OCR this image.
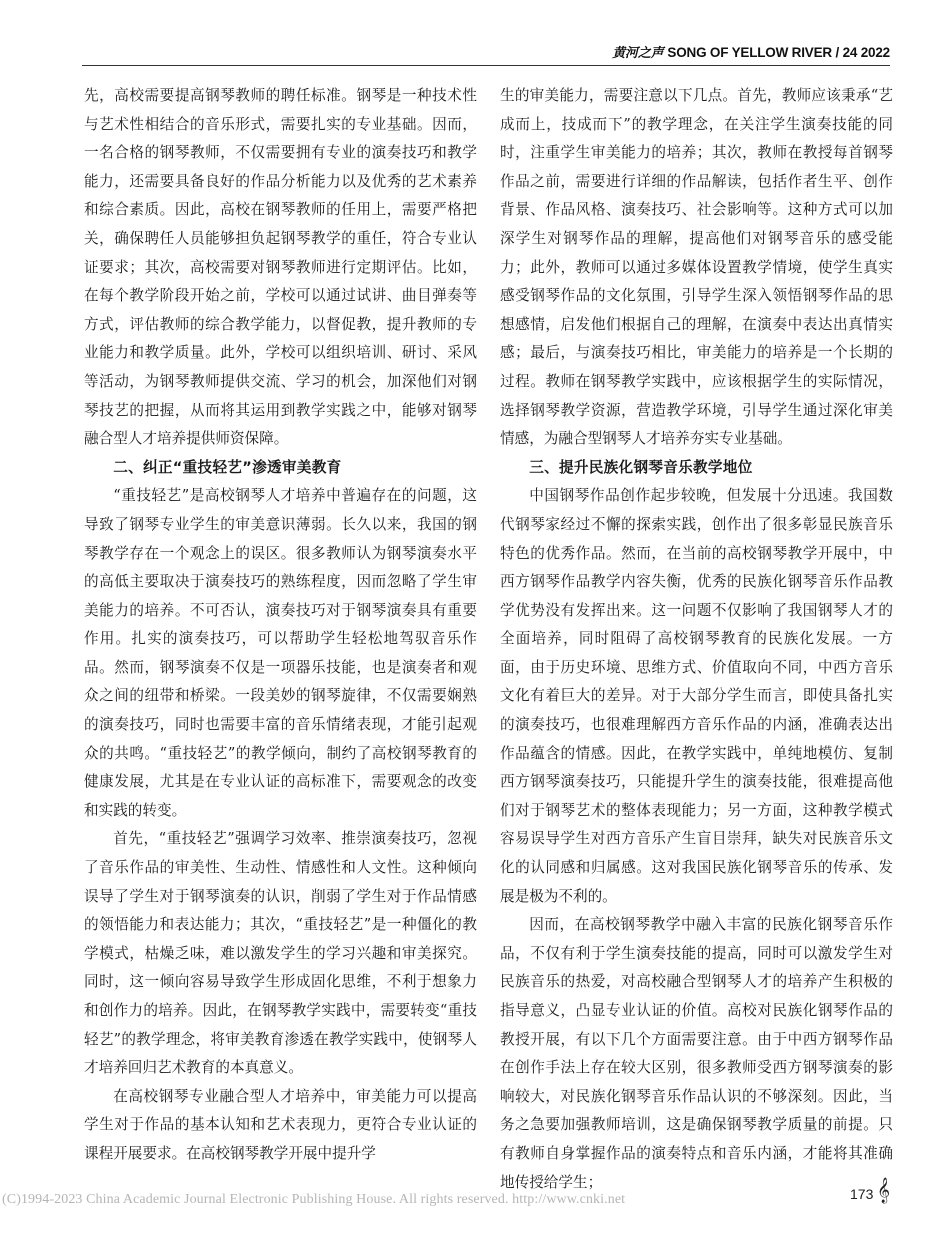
黄河之声 SONG OF YELLOW RIVER / 24 2022

先，高校需要提高钢琴教师的聘任标准。钢琴是一种技术性与艺术性相结合的音乐形式，需要扎实的专业基础。因而，一名合格的钢琴教师，不仅需要拥有专业的演奏技巧和教学能力，还需要具备良好的作品分析能力以及优秀的艺术素养和综合素质。因此，高校在钢琴教师的任用上，需要严格把关，确保聘任人员能够担负起钢琴教学的重任，符合专业认证要求；其次，高校需要对钢琴教师进行定期评估。比如，在每个教学阶段开始之前，学校可以通过试讲、曲目弹奏等方式，评估教师的综合教学能力，以督促教，提升教师的专业能力和教学质量。此外，学校可以组织培训、研讨、采风等活动，为钢琴教师提供交流、学习的机会，加深他们对钢琴技艺的把握，从而将其运用到教学实践之中，能够对钢琴融合型人才培养提供师资保障。

二、纠正“重技轻艺”渗透审美教育

“重技轻艺”是高校钢琴人才培养中普遍存在的问题，这导致了钢琴专业学生的审美意识薄弱。长久以来，我国的钢琴教学存在一个观念上的误区。很多教师认为钢琴演奏水平的高低主要取决于演奏技巧的熟练程度，因而忽略了学生审美能力的培养。不可否认，演奏技巧对于钢琴演奏具有重要作用。扎实的演奏技巧，可以帮助学生轻松地驾驭音乐作品。然而，钢琴演奏不仅是一项器乐技能，也是演奏者和观众之间的纽带和桥梁。一段美妙的钢琴旋律，不仅需要娴熟的演奏技巧，同时也需要丰富的音乐情绪表现，才能引起观众的共鸣。“重技轻艺”的教学倾向，制约了高校钢琴教育的健康发展，尤其是在专业认证的高标准下，需要观念的改变和实践的转变。

首先，“重技轻艺”强调学习效率、推崇演奏技巧，忽视了音乐作品的审美性、生动性、情感性和人文性。这种倾向误导了学生对于钢琴演奏的认识，削弱了学生对于作品情感的领悟能力和表达能力；其次，“重技轻艺”是一种僵化的教学模式，枯燥乏味，难以激发学生的学习兴趣和审美探究。同时，这一倾向容易导致学生形成固化思维，不利于想象力和创作力的培养。因此，在钢琴教学实践中，需要转变“重技轻艺”的教学理念，将审美教育渗透在教学实践中，使钢琴人才培养回归艺术教育的本真意义。

在高校钢琴专业融合型人才培养中，审美能力可以提高学生对于作品的基本认知和艺术表现力，更符合专业认证的课程开展要求。在高校钢琴教学开展中提升学

生的审美能力，需要注意以下几点。首先，教师应该秉承“艺成而上，技成而下”的教学理念，在关注学生演奏技能的同时，注重学生审美能力的培养；其次，教师在教授每首钢琴作品之前，需要进行详细的作品解读，包括作者生平、创作背景、作品风格、演奏技巧、社会影响等。这种方式可以加深学生对钢琴作品的理解，提高他们对钢琴音乐的感受能力；此外，教师可以通过多媒体设置教学情境，使学生真实感受钢琴作品的文化氛围，引导学生深入领悟钢琴作品的思想感情，启发他们根据自己的理解，在演奏中表达出真情实感；最后，与演奏技巧相比，审美能力的培养是一个长期的过程。教师在钢琴教学实践中，应该根据学生的实际情况，选择钢琴教学资源，营造教学环境，引导学生通过深化审美情感，为融合型钢琴人才培养夯实专业基础。

三、提升民族化钢琴音乐教学地位

中国钢琴作品创作起步较晚，但发展十分迅速。我国数代钢琴家经过不懈的探索实践，创作出了很多彰显民族音乐特色的优秀作品。然而，在当前的高校钢琴教学开展中，中西方钢琴作品教学内容失衡，优秀的民族化钢琴音乐作品教学优势没有发挥出来。这一问题不仅影响了我国钢琴人才的全面培养，同时阻碍了高校钢琴教育的民族化发展。一方面，由于历史环境、思维方式、价值取向不同，中西方音乐文化有着巨大的差异。对于大部分学生而言，即使具备扎实的演奏技巧，也很难理解西方音乐作品的内涵，准确表达出作品蕴含的情感。因此，在教学实践中，单纯地模仿、复制西方钢琴演奏技巧，只能提升学生的演奏技能，很难提高他们对于钢琴艺术的整体表现能力；另一方面，这种教学模式容易误导学生对西方音乐产生盲目崇拜，缺失对民族音乐文化的认同感和归属感。这对我国民族化钢琴音乐的传承、发展是极为不利的。

因而，在高校钢琴教学中融入丰富的民族化钢琴音乐作品，不仅有利于学生演奏技能的提高，同时可以激发学生对民族音乐的热爱，对高校融合型钢琴人才的培养产生积极的指导意义，凸显专业认证的价值。高校对民族化钢琴作品的教授开展，有以下几个方面需要注意。由于中西方钢琴作品在创作手法上存在较大区别，很多教师受西方钢琴演奏的影响较大，对民族化钢琴音乐作品认识的不够深刻。因此，当务之急要加强教师培训，这是确保钢琴教学质量的前提。只有教师自身掌握作品的演奏特点和音乐内涵，才能将其准确地传授给学生；

(C)1994-2023 China Academic Journal Electronic Publishing House. All rights reserved. http://www.cnki.net	173 𝄞
